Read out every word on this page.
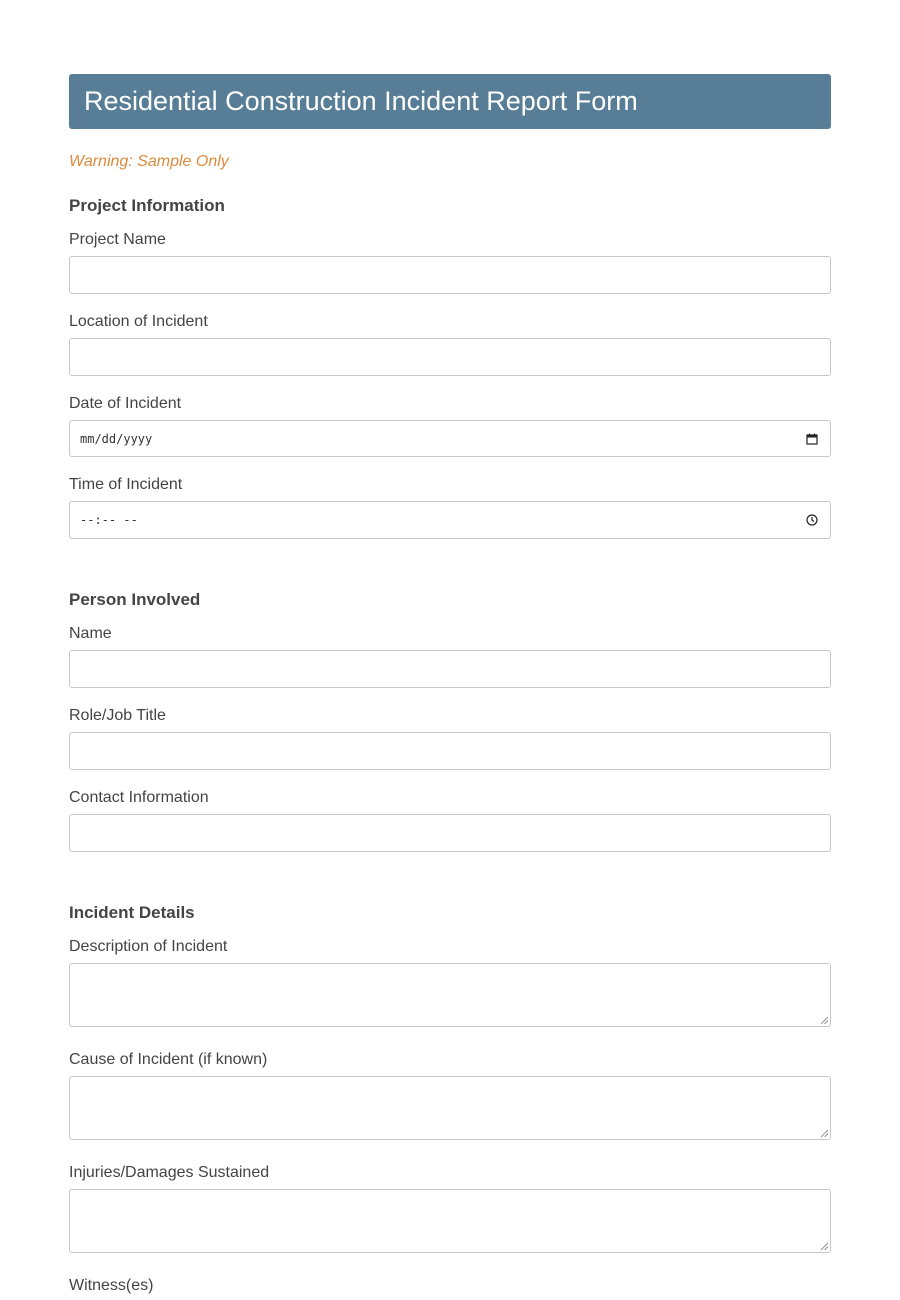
Residential Construction Incident Report Form
Warning: Sample Only
Project Information
Project Name
Location of Incident
Date of Incident
mm/dd/yyyy
Time of Incident
--:-- --
Person Involved
Name
Role/Job Title
Contact Information
Incident Details
Description of Incident
Cause of Incident (if known)
Injuries/Damages Sustained
Witness(es)
